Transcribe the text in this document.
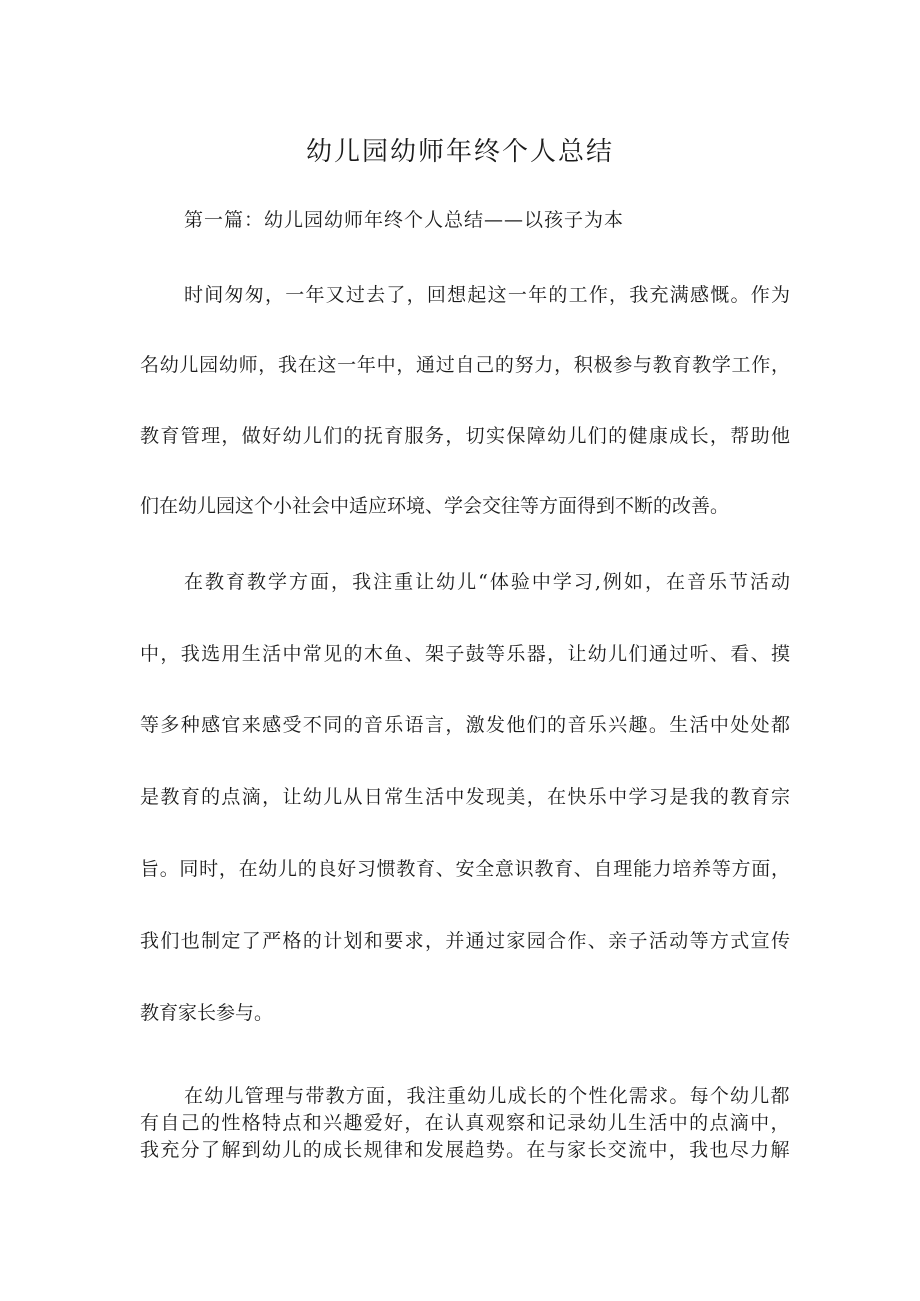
幼儿园幼师年终个人总结
第一篇：幼儿园幼师年终个人总结——以孩子为本
时间匆匆，一年又过去了，回想起这一年的工作，我充满感慨。作为
名幼儿园幼师，我在这一年中，通过自己的努力，积极参与教育教学工作，
教育管理，做好幼儿们的抚育服务，切实保障幼儿们的健康成长，帮助他
们在幼儿园这个小社会中适应环境、学会交往等方面得到不断的改善。
在教育教学方面，我注重让幼儿“体验中学习,例如，在音乐节活动
中，我选用生活中常见的木鱼、架子鼓等乐器，让幼儿们通过听、看、摸
等多种感官来感受不同的音乐语言，激发他们的音乐兴趣。生活中处处都
是教育的点滴，让幼儿从日常生活中发现美，在快乐中学习是我的教育宗
旨。同时，在幼儿的良好习惯教育、安全意识教育、自理能力培养等方面，
我们也制定了严格的计划和要求，并通过家园合作、亲子活动等方式宣传
教育家长参与。
在幼儿管理与带教方面，我注重幼儿成长的个性化需求。每个幼儿都
有自己的性格特点和兴趣爱好，在认真观察和记录幼儿生活中的点滴中，
我充分了解到幼儿的成长规律和发展趋势。在与家长交流中，我也尽力解
